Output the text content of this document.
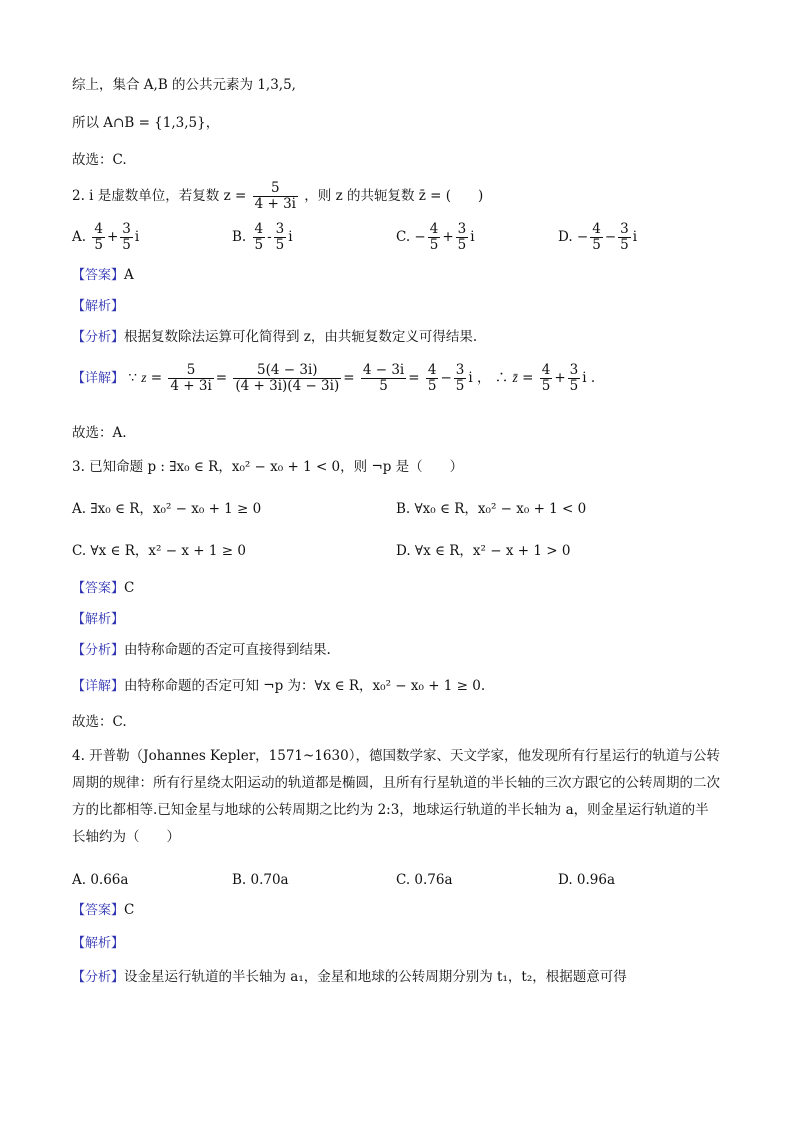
综上，集合 A,B 的公共元素为 1,3,5,
所以 A∩B = {1,3,5}，
故选：C.
2. i 是虚数单位，若复数 $z = \frac{5}{4 + 3i}$ ，则 z 的共轭复数 z̄ = (　　)
A. $\frac{4}{5} + \frac{3}{5}$ i	B. $\frac{4}{5} - \frac{3}{5}$ i	C. − $\frac{4}{5} + \frac{3}{5}$ i	D. − $\frac{4}{5} - \frac{3}{5}$ i
【答案】A
【解析】
【分析】根据复数除法运算可化简得到 z，由共轭复数定义可得结果.
【详解】 ∵ $z = \frac{5}{4 + 3i} = \frac{5(4 - 3i)}{(4 + 3i)(4 - 3i)} = \frac{4 - 3i}{5} = \frac{4}{5} - \frac{3}{5}$ i ， ∴ z̄ = $\frac{4}{5} + \frac{3}{5}$ i .
故选：A.
3. 已知命题 p : ∃x₀ ∈ R，x₀² − x₀ + 1 < 0，则 ¬p 是（　　）
A. ∃x₀ ∈ R，x₀² − x₀ + 1 ≥ 0	B. ∀x₀ ∈ R，x₀² − x₀ + 1 < 0
C. ∀x ∈ R，x² − x + 1 ≥ 0	D. ∀x ∈ R，x² − x + 1 > 0
【答案】C
【解析】
【分析】由特称命题的否定可直接得到结果.
【详解】由特称命题的否定可知 ¬p 为：∀x ∈ R，x₀² − x₀ + 1 ≥ 0.
故选：C.
4. 开普勒（Johannes Kepler，1571~1630），德国数学家、天文学家，他发现所有行星运行的轨道与公转周期的规律：所有行星绕太阳运动的轨道都是椭圆，且所有行星轨道的半长轴的三次方跟它的公转周期的二次方的比都相等.已知金星与地球的公转周期之比约为 2:3，地球运行轨道的半长轴为 a，则金星运行轨道的半长轴约为（　　）
A. 0.66a	B. 0.70a	C. 0.76a	D. 0.96a
【答案】C
【解析】
【分析】设金星运行轨道的半长轴为 a₁，金星和地球的公转周期分别为 t₁，t₂，根据题意可得
